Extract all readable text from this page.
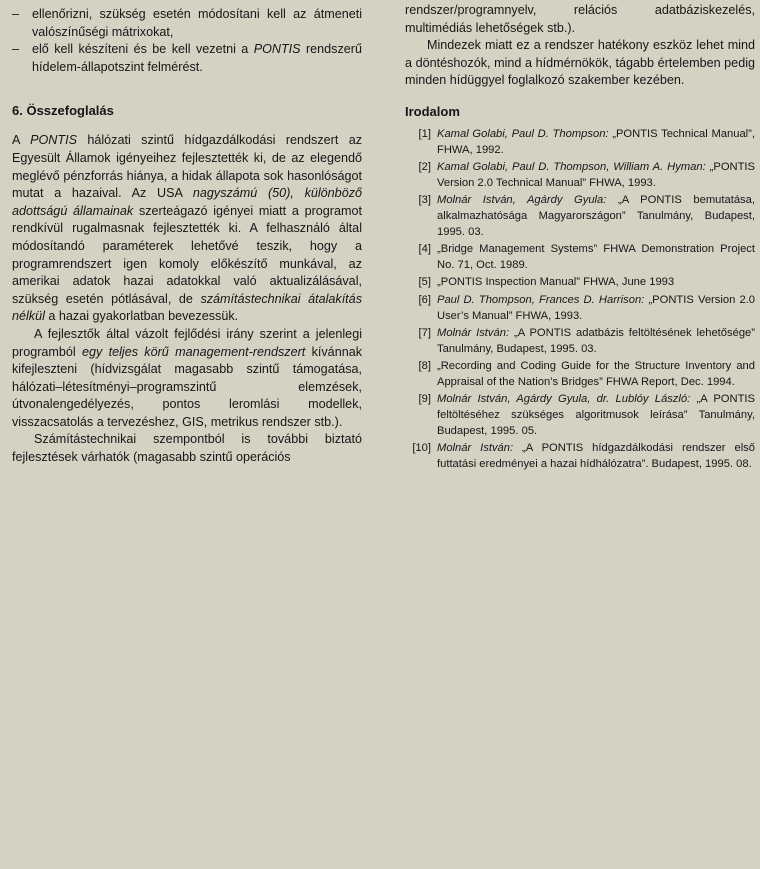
–	ellenőrizni, szükség esetén módosítani kell az átmeneti valószínűségi mátrixokat,
–	elő kell készíteni és be kell vezetni a PONTIS rendszerű hídelem-állapotszint felmérést.
6. Összefoglalás

A PONTIS hálózati szintű hídgazdálkodási rendszert az Egyesült Államok igényeihez fejlesztették ki, de az elegendő meglévő pénzforrás hiánya, a hidak állapota sok hasonlóságot mutat a hazaival. Az USA nagyszámú (50), különböző adottságú államainak szerteágazó igényei miatt a programot rendkívül rugalmasnak fejlesztették ki. A felhasználó által módosítandó paraméterek lehetővé teszik, hogy a programrendszert igen komoly előkészítő munkával, az amerikai adatok hazai adatokkal való aktualizálásával, szükség esetén pótlásával, de számítástechnikai átalakítás nélkül a hazai gyakorlatban bevezessük.

A fejlesztők által vázolt fejlődési irány szerint a jelenlegi programból egy teljes körű management-rendszert kívánnak kifejleszteni (hídvizsgálat magasabb szintű támogatása, hálózati–létesítményi–programszintű elemzések, útvonalengedélyezés, pontos leromlási modellek, visszacsatolás a tervezéshez, GIS, metrikus rendszer stb.).

Számítástechnikai szempontból is további biztató fejlesztések várhatók (magasabb szintű operációs

rendszer/programnyelv, relációs adatbáziskezelés, multimédiás lehetőségek stb.).

Mindezek miatt ez a rendszer hatékony eszköz lehet mind a döntéshozók, mind a hídmérnökök, tágabb értelemben pedig minden hídüggyel foglalkozó szakember kezében.

Irodalom
[1] Kamal Golabi, Paul D. Thompson: „PONTIS Technical Manual”, FHWA, 1992.
[2] Kamal Golabi, Paul D. Thompson, William A. Hyman: „PONTIS Version 2.0 Technical Manual” FHWA, 1993.
[3] Molnár István, Agárdy Gyula: „A PONTIS bemutatása, alkalmazhatósága Magyarországon” Tanulmány, Budapest, 1995. 03.
[4] „Bridge Management Systems” FHWA Demonstration Project No. 71, Oct. 1989.
[5] „PONTIS Inspection Manual” FHWA, June 1993
[6] Paul D. Thompson, Frances D. Harrison: „PONTIS Version 2.0 User’s Manual” FHWA, 1993.
[7] Molnár István: „A PONTIS adatbázis feltöltésének lehetősége” Tanulmány, Budapest, 1995. 03.
[8] „Recording and Coding Guide for the Structure Inventory and Appraisal of the Nation’s Bridges” FHWA Report, Dec. 1994.
[9] Molnár István, Agárdy Gyula, dr. Lublóy László: „A PONTIS feltöltéséhez szükséges algoritmusok leírása” Tanulmány, Budapest, 1995. 05.
[10] Molnár István: „A PONTIS hídgazdálkodási rendszer első futtatási eredményei a hazai hídhálózatra”. Budapest, 1995. 08.
